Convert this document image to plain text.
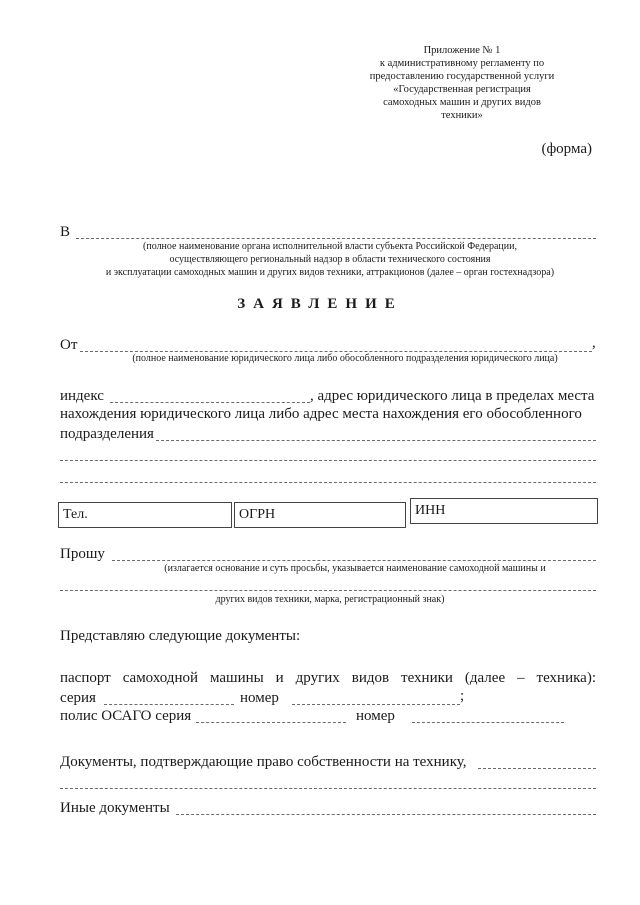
Приложение № 1
к административному регламенту по
предоставлению государственной услуги
«Государственная регистрация
самоходных машин и других видов
техники»
(форма)
В
(полное наименование органа исполнительной власти субъекта Российской Федерации,
осуществляющего региональный надзор в области технического состояния
и эксплуатации самоходных машин и других видов техники, аттракционов (далее – орган гостехнадзора)
ЗАЯВЛЕНИЕ
От	,
(полное наименование юридического лица либо обособленного подразделения юридического лица)
индекс	, адрес юридического лица в пределах места
нахождения юридического лица либо адрес места нахождения его обособленного
подразделения
Тел.	ОГРН	ИНН
Прошу
(излагается основание и суть просьбы, указывается наименование самоходной машины и
других видов техники, марка, регистрационный знак)
Представляю следующие документы:
паспорт самоходной машины и других видов техники (далее – техника):
серия	номер	;
полис ОСАГО серия	номер
Документы, подтверждающие право собственности на технику,
Иные документы
